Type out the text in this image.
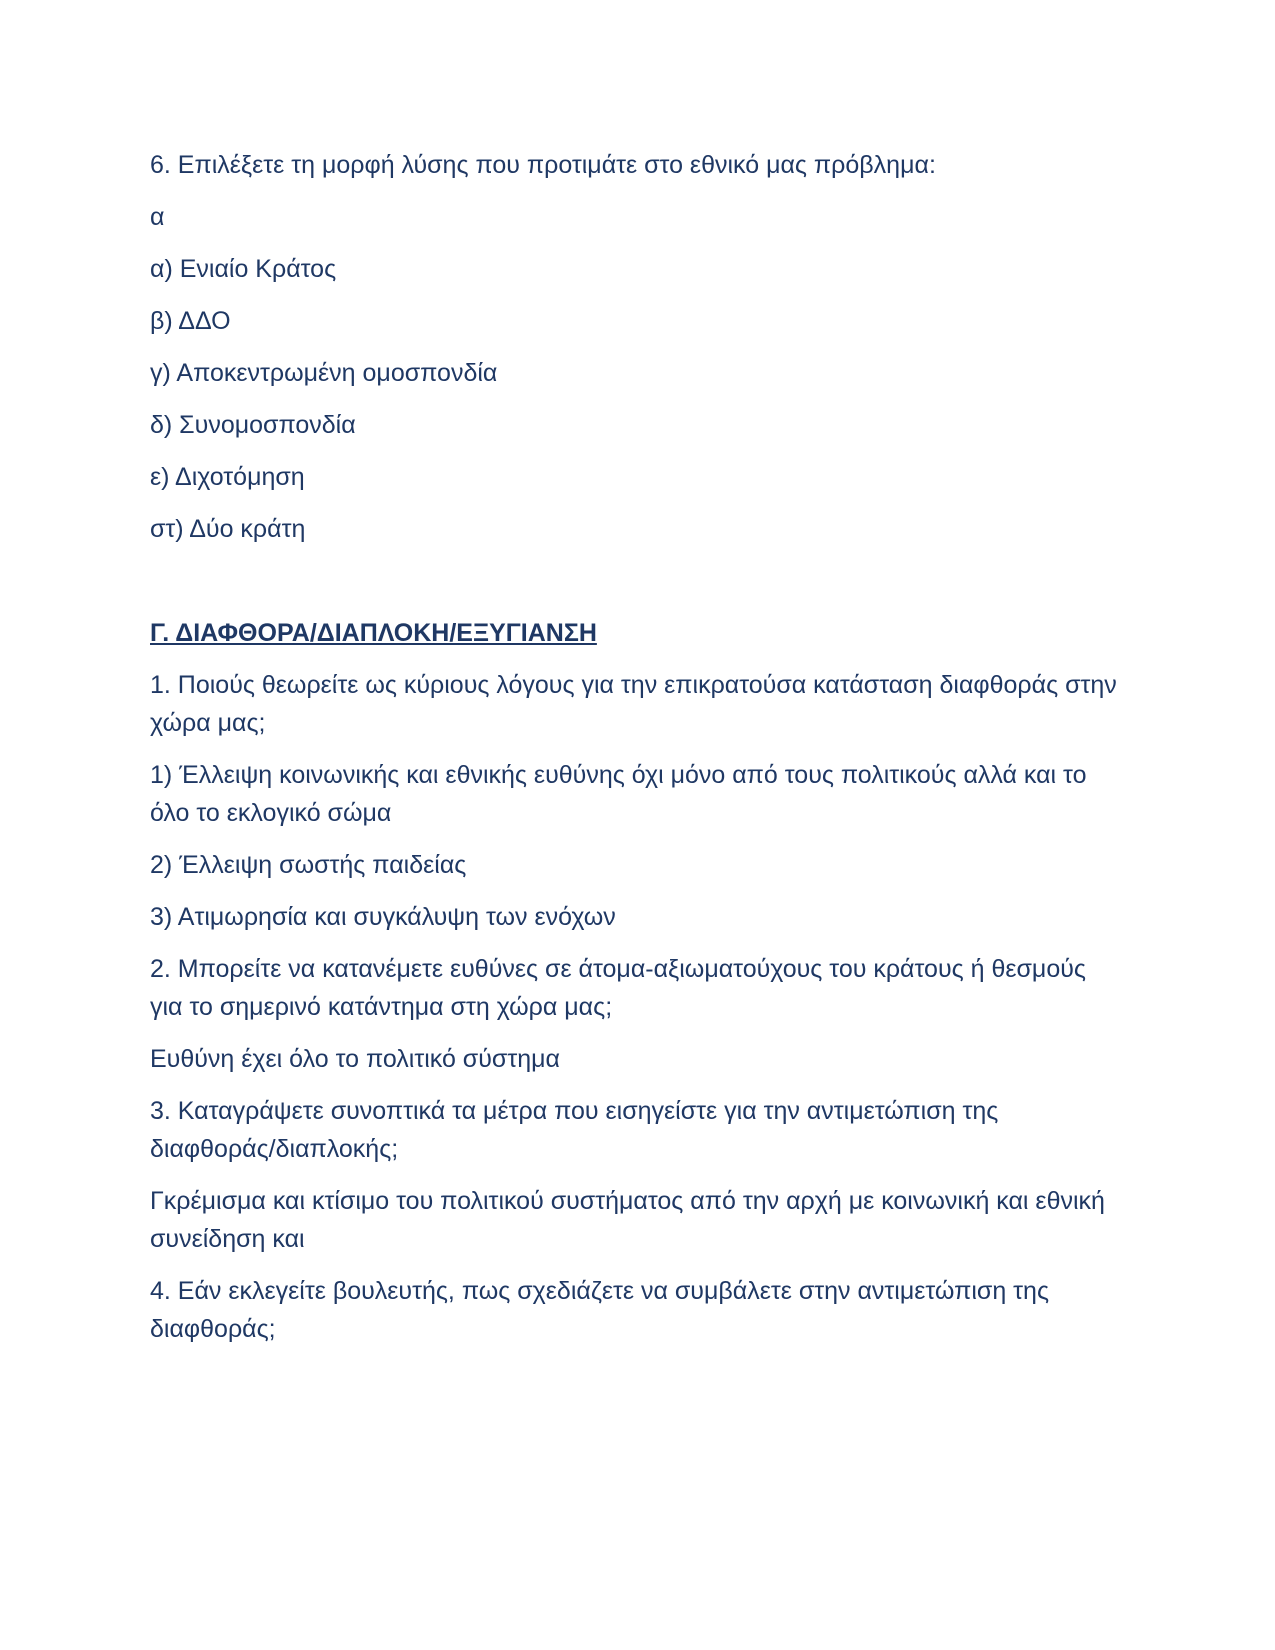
6. Επιλέξετε τη μορφή λύσης που προτιμάτε στο εθνικό μας πρόβλημα:

α

α) Ενιαίο Κράτος

β) ΔΔΟ

γ) Αποκεντρωμένη ομοσπονδία

δ) Συνομοσπονδία

ε) Διχοτόμηση

στ) Δύο κράτη

Γ. ΔΙΑΦΘΟΡΑ/ΔΙΑΠΛΟΚΗ/ΕΞΥΓΙΑΝΣΗ

1. Ποιούς θεωρείτε ως κύριους λόγους για την επικρατούσα κατάσταση διαφθοράς στην χώρα μας;

1) Έλλειψη κοινωνικής και εθνικής ευθύνης όχι μόνο από τους πολιτικούς αλλά και το όλο το εκλογικό σώμα

2) Έλλειψη σωστής παιδείας

3) Ατιμωρησία και συγκάλυψη των ενόχων

2. Μπορείτε να κατανέμετε ευθύνες σε άτομα-αξιωματούχους του κράτους ή θεσμούς για το σημερινό κατάντημα στη χώρα μας;

Ευθύνη έχει όλο το πολιτικό σύστημα

3. Καταγράψετε συνοπτικά τα μέτρα που εισηγείστε για την αντιμετώπιση της διαφθοράς/διαπλοκής;

Γκρέμισμα και κτίσιμο του πολιτικού συστήματος από την αρχή με κοινωνική και εθνική συνείδηση και

4. Εάν εκλεγείτε βουλευτής, πως σχεδιάζετε να συμβάλετε στην αντιμετώπιση της διαφθοράς;
